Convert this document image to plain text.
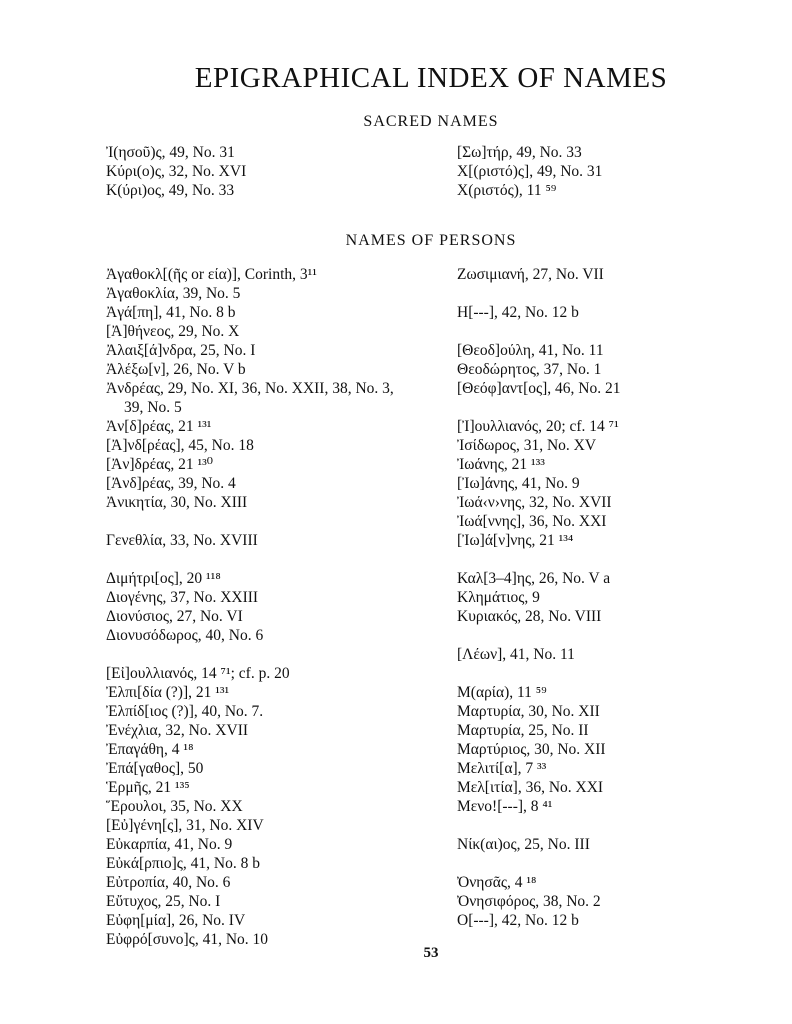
EPIGRAPHICAL INDEX OF NAMES
SACRED NAMES
Ἰ(ησοῦ)ς, 49, No. 31
Κύρι(ο)ς, 32, No. XVI
Κ(ύρι)ος, 49, No. 33
[Σω]τήρ, 49, No. 33
Χ[(ριστό)ς], 49, No. 31
Χ(ριστός), 11 ⁵⁹
NAMES OF PERSONS
Ἀγαθοκλ[(ῆς or εία)], Corinth, 3¹¹
Ἀγαθοκλία, 39, No. 5
Ἀγά[πη], 41, No. 8 b
[Ἀ]θήνεος, 29, No. X
Ἀλαιξ[ά]νδρα, 25, No. I
Ἀλέξω[ν], 26, No. V b
Ἀνδρέας, 29, No. XI, 36, No. XXII, 38, No. 3,
39, No. 5
Ἀν[δ]ρέας, 21 ¹³¹
[Ἀ]νδ[ρέας], 45, No. 18
[Ἀν]δρέας, 21 ¹³⁰
[Ἀνδ]ρέας, 39, No. 4
Ἀνικητία, 30, No. XIII
Γενεθλία, 33, No. XVIII
Διμήτρι[ος], 20 ¹¹⁸
Διογένης, 37, No. XXIII
Διονύσιος, 27, No. VI
Διονυσόδωρος, 40, No. 6
[Εἰ]ουλλιανός, 14 ⁷¹; cf. p. 20
Ἐλπι[δία (?)], 21 ¹³¹
Ἐλπίδ[ιος (?)], 40, No. 7.
Ἐνέχλια, 32, No. XVII
Ἐπαγάθη, 4 ¹⁸
Ἐπά[γαθος], 50
Ἑρμῆς, 21 ¹³⁵
Ἕρουλοι, 35, No. XX
[Εὐ]γένη[ς], 31, No. XIV
Εὐκαρπία, 41, No. 9
Εὐκά[ρπιο]ς, 41, No. 8 b
Εὐτροπία, 40, No. 6
Εὔτυχος, 25, No. I
Εὐφη[μία], 26, No. IV
Εὐφρό[συνο]ς, 41, No. 10
Ζωσιμιανή, 27, No. VII
Η[---], 42, No. 12 b
[Θεοδ]ούλη, 41, No. 11
Θεοδώρητος, 37, No. 1
[Θεόφ]αντ[ος], 46, No. 21
[Ἰ]ουλλιανός, 20; cf. 14 ⁷¹
Ἰσίδωρος, 31, No. XV
Ἰωάνης, 21 ¹³³
[Ἰω]άνης, 41, No. 9
Ἰωά‹ν›νης, 32, No. XVII
Ἰωά[ννης], 36, No. XXI
[Ἰω]ά[ν]νης, 21 ¹³⁴
Καλ[3–4]ης, 26, No. V a
Κλημάτιος, 9
Κυριακός, 28, No. VIII
[Λέων], 41, No. 11
Μ(αρία), 11 ⁵⁹
Μαρτυρία, 30, No. XII
Μαρτυρία, 25, No. II
Μαρτύριος, 30, No. XII
Μελιτί[α], 7 ³³
Μελ[ιτία], 36, No. XXI
Μενο![---], 8 ⁴¹
Νίκ(αι)ος, 25, No. III
Ὀνησᾶς, 4 ¹⁸
Ὀνησιφόρος, 38, No. 2
Ο[---], 42, No. 12 b
53
